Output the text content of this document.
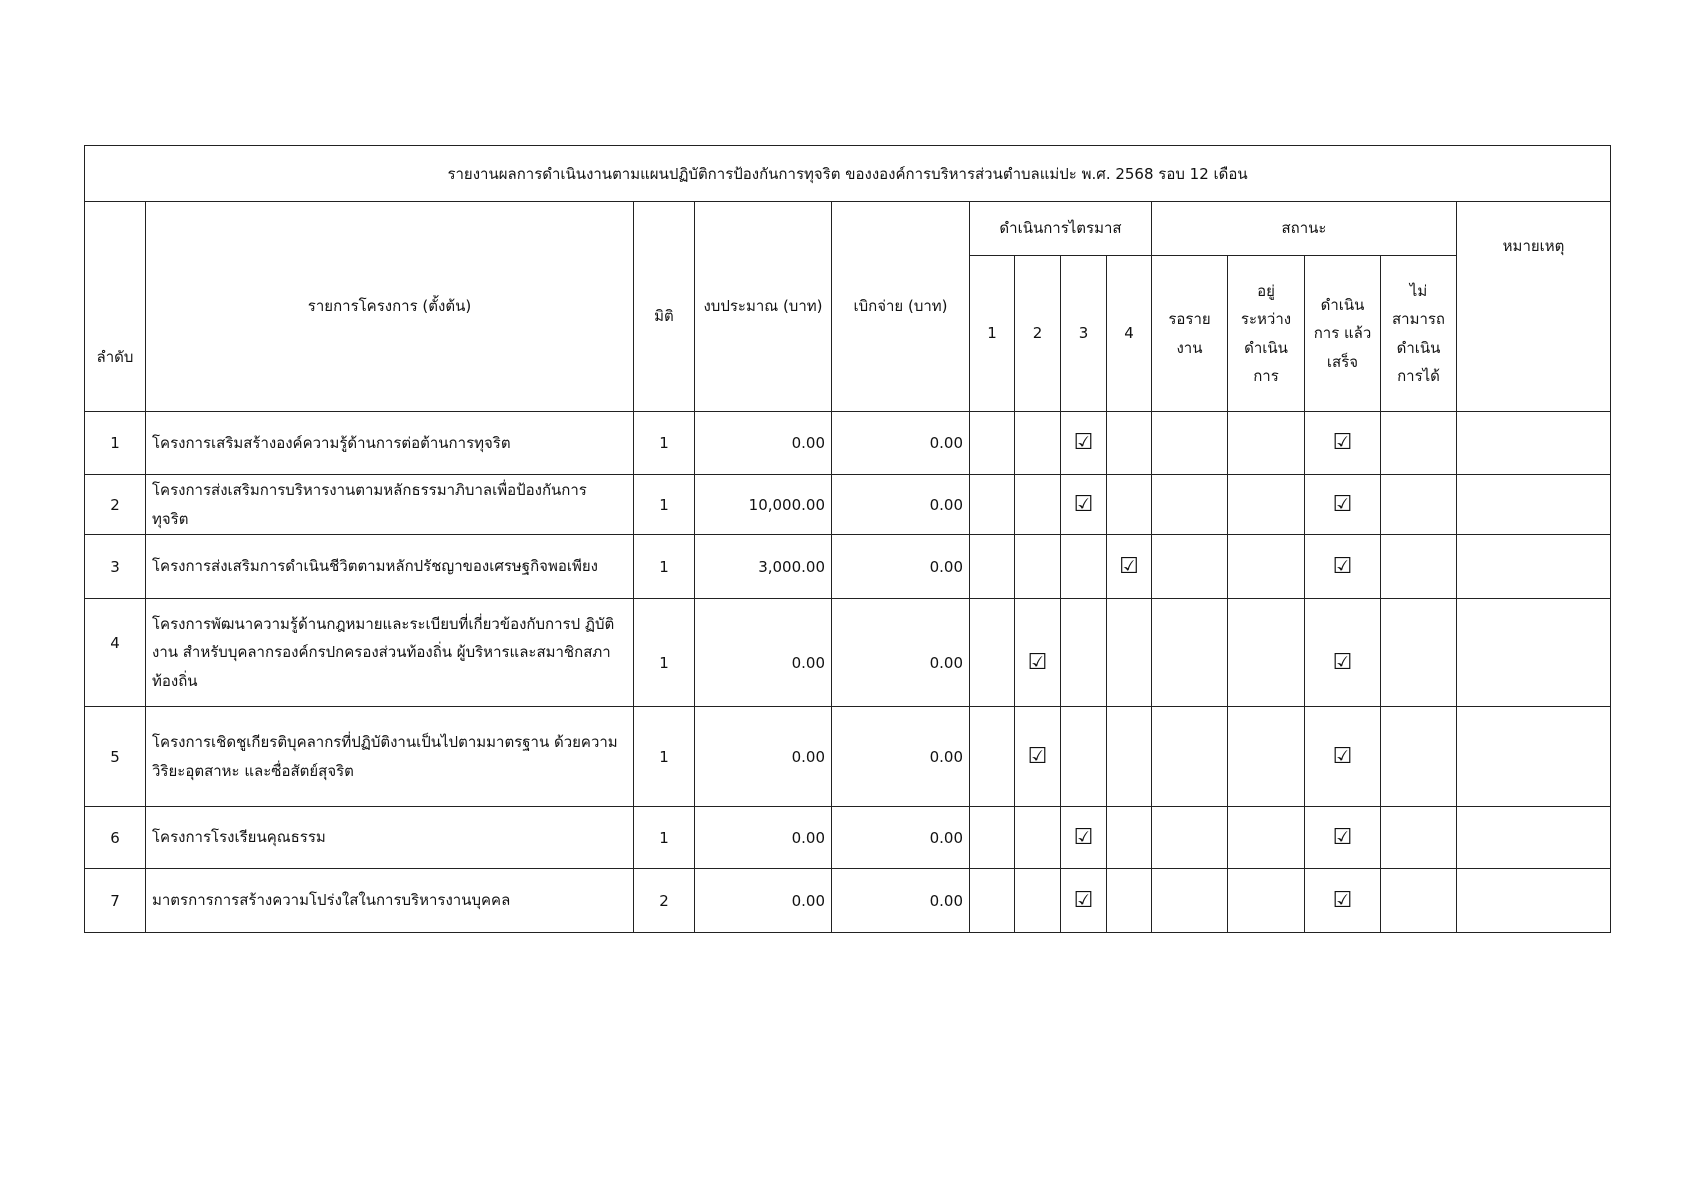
รายงานผลการดำเนินงานตามแผนปฏิบัติการป้องกันการทุจริต ของงองค์การบริหารส่วนตำบลแม่ปะ พ.ศ. 2568 รอบ 12 เดือน													
ลำดับ	รายการโครงการ (ตั้งต้น)	มิติ	งบประมาณ (บาท)	เบิกจ่าย (บาท)	ดำเนินการไตรมาส				สถานะ				หมายเหตุ
					1	2	3	4	รอราย งาน	อยู่ ระหว่าง ดำเนิน การ	ดำเนิน การ แล้วเสร็จ	ไม่ สามารถ ดำเนิน การได้	
1	โครงการเสริมสร้างองค์ความรู้ด้านการต่อต้านการทุจริต	1	0.00	0.00			☑				☑		
2	โครงการส่งเสริมการบริหารงานตามหลักธรรมาภิบาลเพื่อป้องกันการ ทุจริต	1	10,000.00	0.00			☑				☑		
3	โครงการส่งเสริมการดำเนินชีวิตตามหลักปรัชญาของเศรษฐกิจพอเพียง	1	3,000.00	0.00				☑			☑		
4	โครงการพัฒนาความรู้ด้านกฎหมายและระเบียบที่เกี่ยวข้องกับการป ฏิบัติงาน สำหรับบุคลากรองค์กรปกครองส่วนท้องถิ่น ผู้บริหารและสมาชิกสภาท้องถิ่น	1	0.00	0.00		☑					☑		
5	โครงการเชิดชูเกียรติบุคลากรที่ปฏิบัติงานเป็นไปตามมาตรฐาน ด้วยความวิริยะอุตสาหะ และซื่อสัตย์สุจริต	1	0.00	0.00		☑					☑		
6	โครงการโรงเรียนคุณธรรม	1	0.00	0.00			☑				☑		
7	มาตรการการสร้างความโปร่งใสในการบริหารงานบุคคล	2	0.00	0.00			☑				☑		
